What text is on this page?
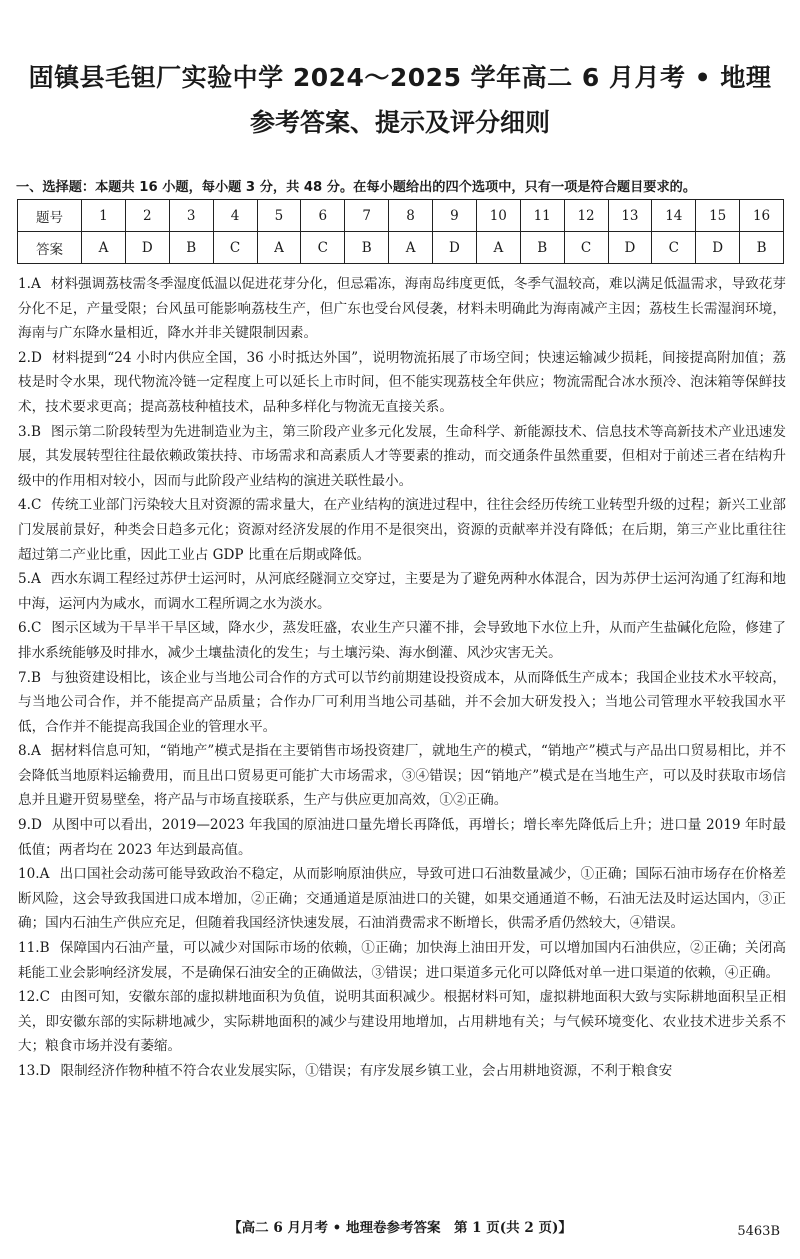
固镇县毛钽厂实验中学 2024～2025 学年高二 6 月月考 • 地理
参考答案、提示及评分细则
一、选择题：本题共 16 小题，每小题 3 分，共 48 分。在每小题给出的四个选项中，只有一项是符合题目要求的。
题号	1	2	3	4	5	6	7	8	9	10	11	12	13	14	15	16
答案	A	D	B	C	A	C	B	A	D	A	B	C	D	C	D	B
1.A 材料强调荔枝需冬季湿度低温以促进花芽分化，但忌霜冻，海南岛纬度更低，冬季气温较高，难以满足低温需求，导致花芽分化不足，产量受限；台风虽可能影响荔枝生产，但广东也受台风侵袭，材料未明确此为海南减产主因；荔枝生长需湿润环境，海南与广东降水量相近，降水并非关键限制因素。
2.D 材料提到“24 小时内供应全国，36 小时抵达外国”，说明物流拓展了市场空间；快速运输减少损耗，间接提高附加值；荔枝是时令水果，现代物流冷链一定程度上可以延长上市时间，但不能实现荔枝全年供应；物流需配合冰水预冷、泡沫箱等保鲜技术，技术要求更高；提高荔枝种植技术，品种多样化与物流无直接关系。
3.B 图示第二阶段转型为先进制造业为主，第三阶段产业多元化发展，生命科学、新能源技术、信息技术等高新技术产业迅速发展，其发展转型往往最依赖政策扶持、市场需求和高素质人才等要素的推动，而交通条件虽然重要，但相对于前述三者在结构升级中的作用相对较小，因而与此阶段产业结构的演进关联性最小。
4.C 传统工业部门污染较大且对资源的需求量大，在产业结构的演进过程中，往往会经历传统工业转型升级的过程；新兴工业部门发展前景好，种类会日趋多元化；资源对经济发展的作用不是很突出，资源的贡献率并没有降低；在后期，第三产业比重往往超过第二产业比重，因此工业占 GDP 比重在后期或降低。
5.A 西水东调工程经过苏伊士运河时，从河底经隧洞立交穿过，主要是为了避免两种水体混合，因为苏伊士运河沟通了红海和地中海，运河内为咸水，而调水工程所调之水为淡水。
6.C 图示区域为干旱半干旱区域，降水少，蒸发旺盛，农业生产只灌不排，会导致地下水位上升，从而产生盐碱化危险，修建了排水系统能够及时排水，减少土壤盐渍化的发生；与土壤污染、海水倒灌、风沙灾害无关。
7.B 与独资建设相比，该企业与当地公司合作的方式可以节约前期建设投资成本，从而降低生产成本；我国企业技术水平较高，与当地公司合作，并不能提高产品质量；合作办厂可利用当地公司基础，并不会加大研发投入；当地公司管理水平较我国水平低，合作并不能提高我国企业的管理水平。
8.A 据材料信息可知，“销地产”模式是指在主要销售市场投资建厂，就地生产的模式，“销地产”模式与产品出口贸易相比，并不会降低当地原料运输费用，而且出口贸易更可能扩大市场需求，③④错误；因“销地产”模式是在当地生产，可以及时获取市场信息并且避开贸易壁垒，将产品与市场直接联系，生产与供应更加高效，①②正确。
9.D 从图中可以看出，2019—2023 年我国的原油进口量先增长再降低，再增长；增长率先降低后上升；进口量 2019 年时最低值；两者均在 2023 年达到最高值。
10.A 出口国社会动荡可能导致政治不稳定，从而影响原油供应，导致可进口石油数量减少，①正确；国际石油市场存在价格差断风险，这会导致我国进口成本增加，②正确；交通通道是原油进口的关键，如果交通通道不畅，石油无法及时运达国内，③正确；国内石油生产供应充足，但随着我国经济快速发展，石油消费需求不断增长，供需矛盾仍然较大，④错误。
11.B 保障国内石油产量，可以减少对国际市场的依赖，①正确；加快海上油田开发，可以增加国内石油供应，②正确；关闭高耗能工业会影响经济发展，不是确保石油安全的正确做法，③错误；进口渠道多元化可以降低对单一进口渠道的依赖，④正确。
12.C 由图可知，安徽东部的虚拟耕地面积为负值，说明其面积减少。根据材料可知，虚拟耕地面积大致与实际耕地面积呈正相关，即安徽东部的实际耕地减少，实际耕地面积的减少与建设用地增加，占用耕地有关；与气候环境变化、农业技术进步关系不大；粮食市场并没有萎缩。
13.D 限制经济作物种植不符合农业发展实际，①错误；有序发展乡镇工业，会占用耕地资源，不利于粮食安
【高二 6 月月考 • 地理卷参考答案　第 1 页(共 2 页)】	5463B
